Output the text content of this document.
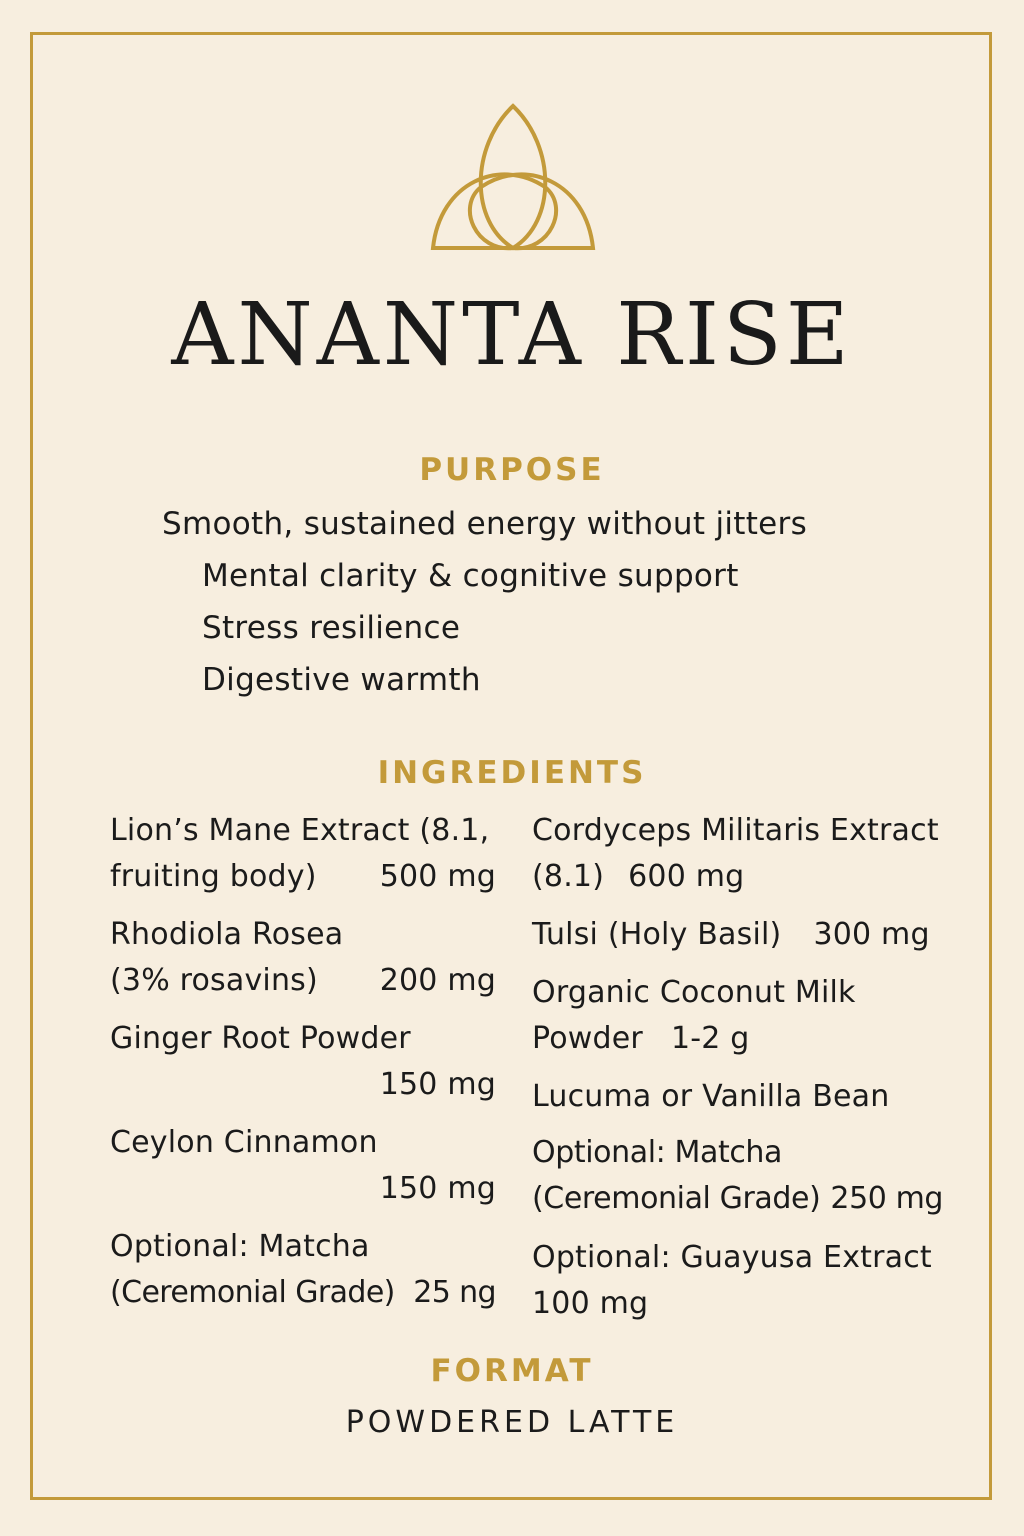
ANANTA RISE
PURPOSE
Smooth, sustained energy without jitters
Mental clarity & cognitive support
Stress resilience
Digestive warmth
INGREDIENTS
Lion’s Mane Extract (8.1,
fruiting body) 500 mg
Rhodiola Rosea
(3% rosavins) 200 mg
Ginger Root Powder
150 mg
Ceylon Cinnamon
150 mg
Optional: Matcha
(Ceremonial Grade) 25 ng
Cordyceps Militaris Extract
(8.1) 600 mg
Tulsi (Holy Basil) 300 mg
Organic Coconut Milk
Powder 1-2 g
Lucuma or Vanilla Bean
Optional: Matcha
(Ceremonial Grade) 250 mg
Optional: Guayusa Extract
100 mg
FORMAT
POWDERED LATTE
